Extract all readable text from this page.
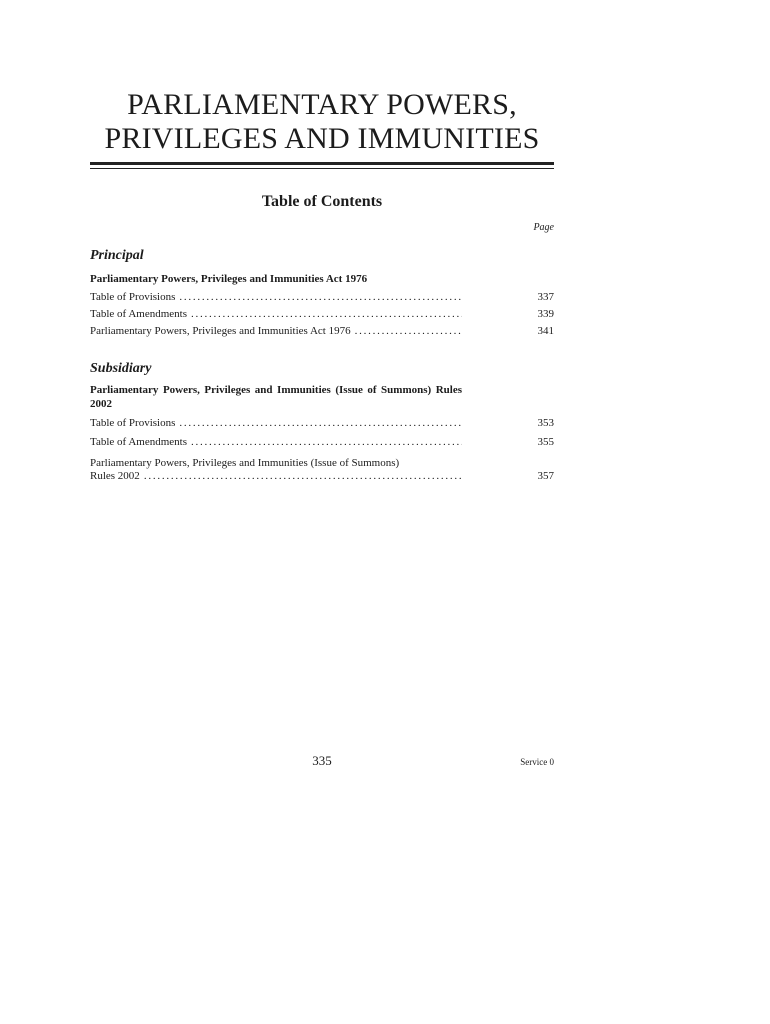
PARLIAMENTARY POWERS,
PRIVILEGES AND IMMUNITIES
Table of Contents
Page
Principal
Parliamentary Powers, Privileges and Immunities Act 1976
Table of Provisions . . .	337
Table of Amendments . . .	339
Parliamentary Powers, Privileges and Immunities Act 1976 . . .	341
Subsidiary
Parliamentary Powers, Privileges and Immunities (Issue of Summons) Rules 2002
Table of Provisions . . .	353
Table of Amendments . . .	355
Parliamentary Powers, Privileges and Immunities (Issue of Summons)
Rules 2002 . . .	357
335	Service 0
